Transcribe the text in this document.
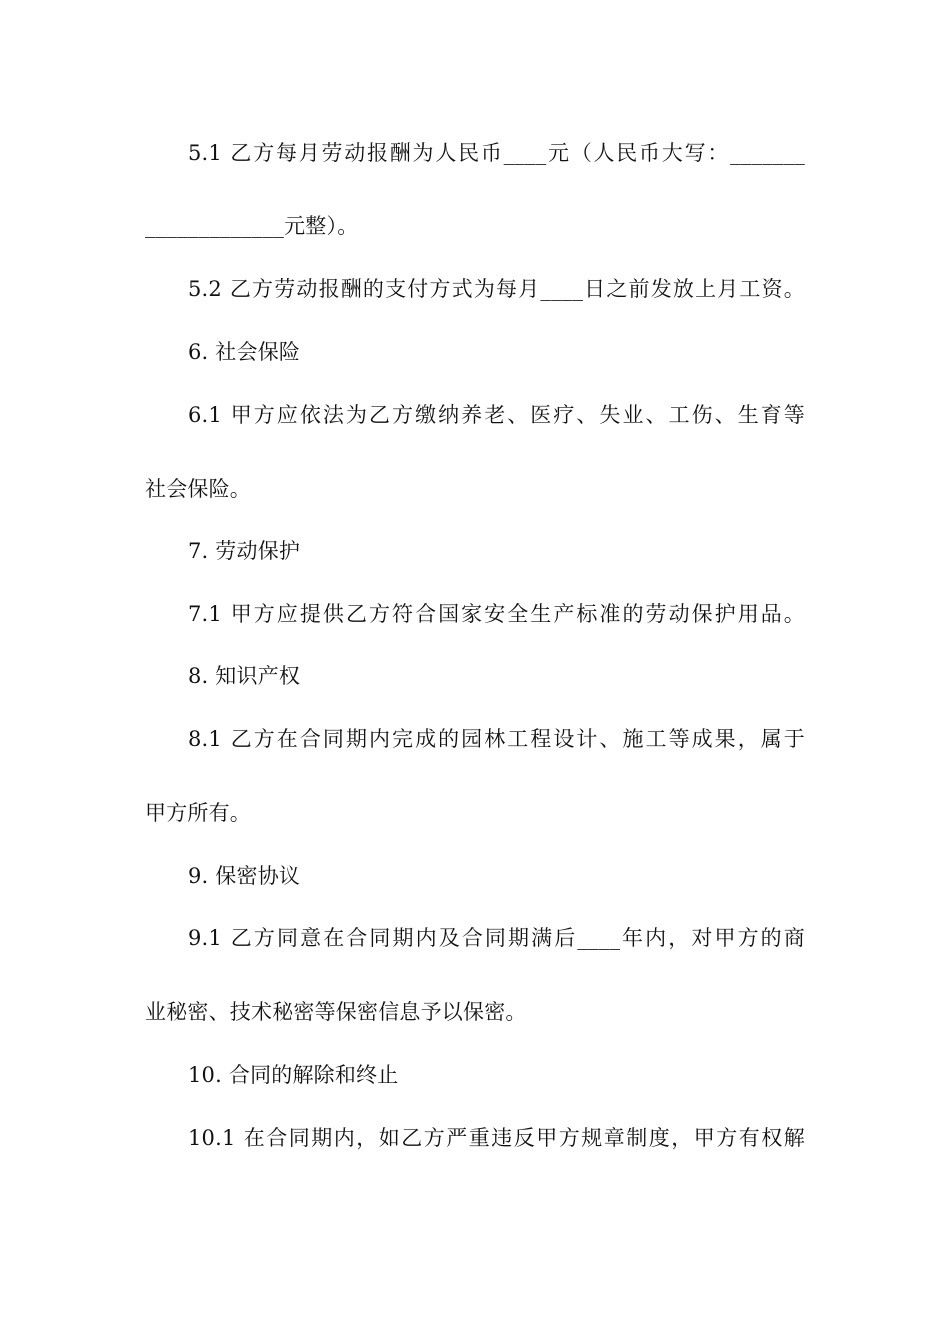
5.1 乙方每月劳动报酬为人民币____元（人民币大写：_______
_____________元整）。
5.2 乙方劳动报酬的支付方式为每月____日之前发放上月工资。
6. 社会保险
6.1 甲方应依法为乙方缴纳养老、医疗、失业、工伤、生育等
社会保险。
7. 劳动保护
7.1 甲方应提供乙方符合国家安全生产标准的劳动保护用品。
8. 知识产权
8.1 乙方在合同期内完成的园林工程设计、施工等成果，属于
甲方所有。
9. 保密协议
9.1 乙方同意在合同期内及合同期满后____年内，对甲方的商
业秘密、技术秘密等保密信息予以保密。
10. 合同的解除和终止
10.1 在合同期内，如乙方严重违反甲方规章制度，甲方有权解
